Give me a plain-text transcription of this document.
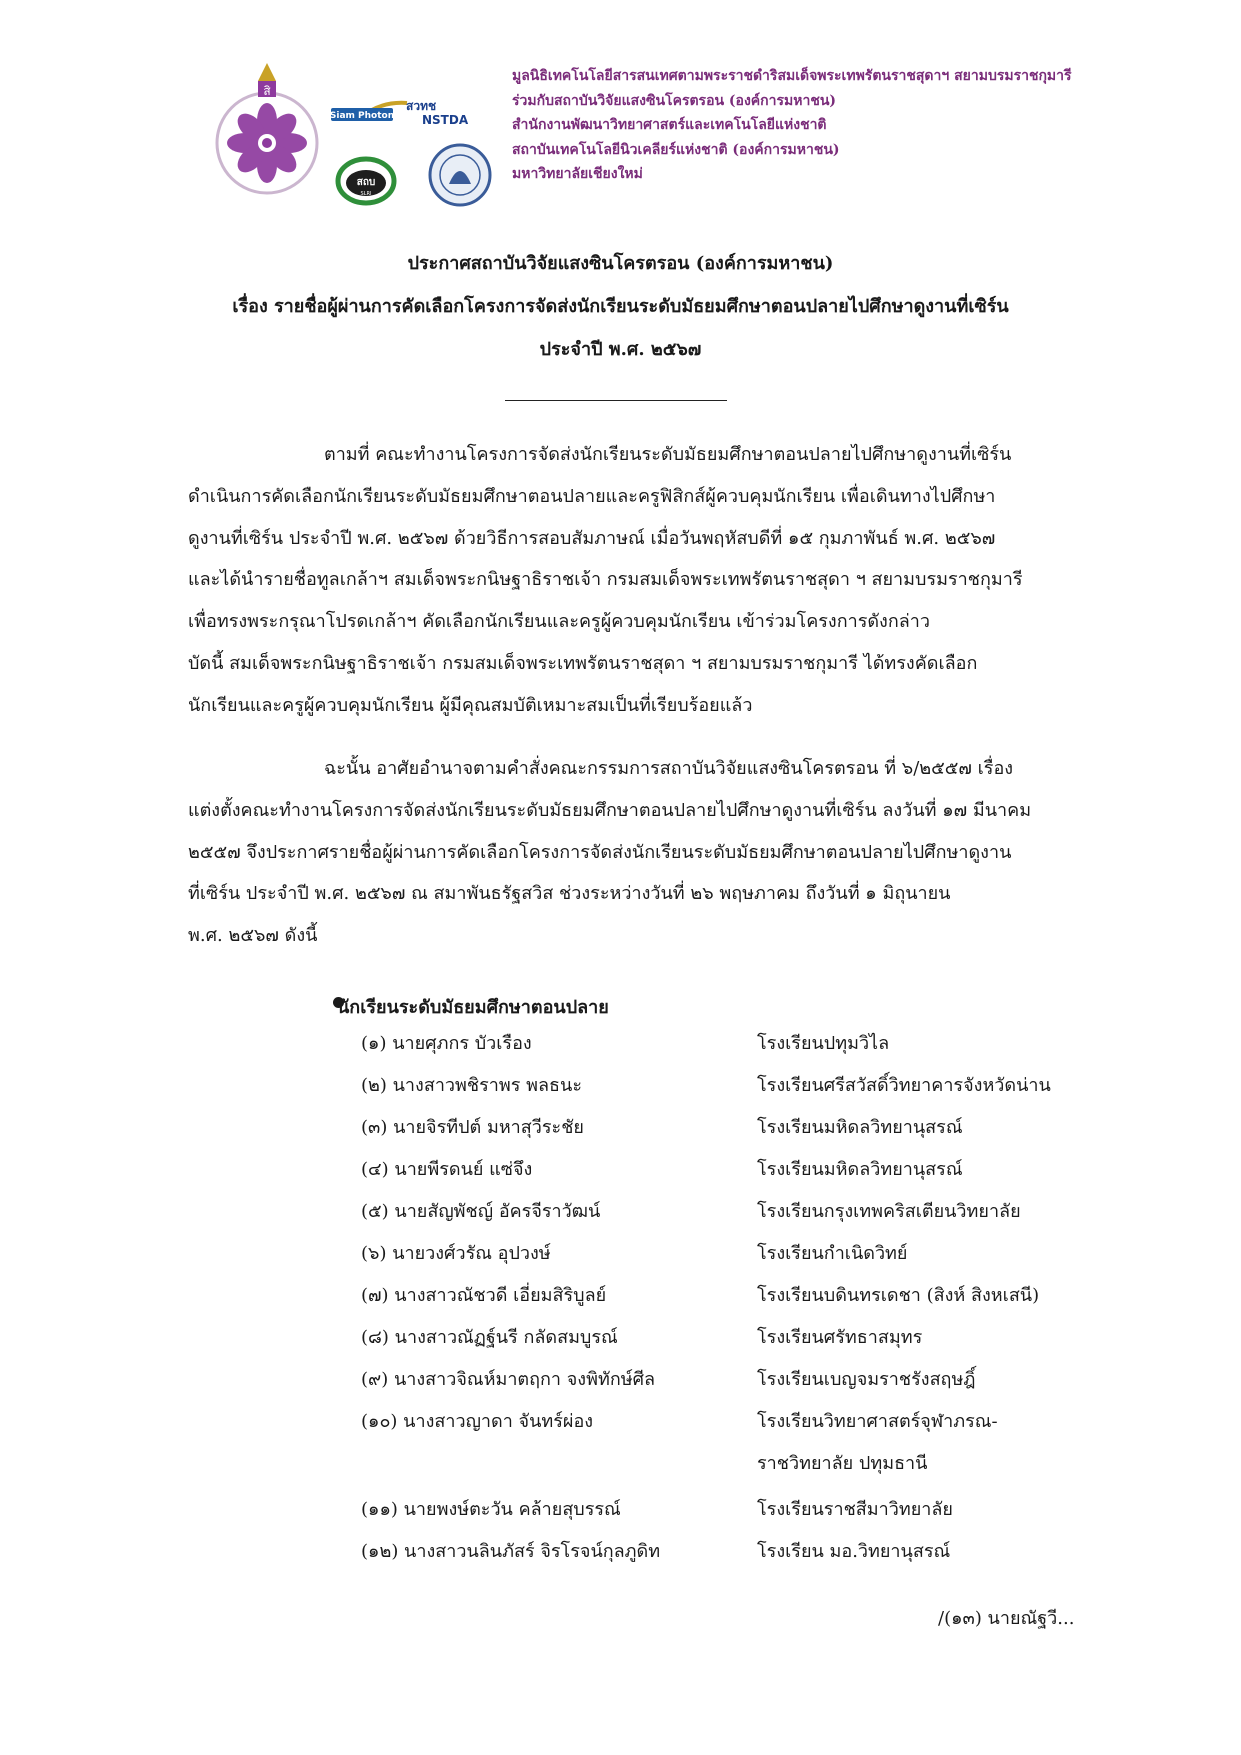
สิ
Siam Photon
สวทช
NSTDA
สถบ
SLRI
มูลนิธิเทคโนโลยีสารสนเทศตามพระราชดำริสมเด็จพระเทพรัตนราชสุดาฯ สยามบรมราชกุมารี
ร่วมกับสถาบันวิจัยแสงซินโครตรอน (องค์การมหาชน)
สำนักงานพัฒนาวิทยาศาสตร์และเทคโนโลยีแห่งชาติ
สถาบันเทคโนโลยีนิวเคลียร์แห่งชาติ (องค์การมหาชน)
มหาวิทยาลัยเชียงใหม่
ประกาศสถาบันวิจัยแสงซินโครตรอน (องค์การมหาชน)
เรื่อง รายชื่อผู้ผ่านการคัดเลือกโครงการจัดส่งนักเรียนระดับมัธยมศึกษาตอนปลายไปศึกษาดูงานที่เซิร์น
ประจำปี พ.ศ. ๒๕๖๗
ตามที่ คณะทำงานโครงการจัดส่งนักเรียนระดับมัธยมศึกษาตอนปลายไปศึกษาดูงานที่เซิร์น
ดำเนินการคัดเลือกนักเรียนระดับมัธยมศึกษาตอนปลายและครูฟิสิกส์ผู้ควบคุมนักเรียน เพื่อเดินทางไปศึกษา
ดูงานที่เซิร์น ประจำปี พ.ศ. ๒๕๖๗ ด้วยวิธีการสอบสัมภาษณ์ เมื่อวันพฤหัสบดีที่ ๑๕ กุมภาพันธ์ พ.ศ. ๒๕๖๗
และได้นำรายชื่อทูลเกล้าฯ สมเด็จพระกนิษฐาธิราชเจ้า กรมสมเด็จพระเทพรัตนราชสุดา ฯ สยามบรมราชกุมารี
เพื่อทรงพระกรุณาโปรดเกล้าฯ คัดเลือกนักเรียนและครูผู้ควบคุมนักเรียน เข้าร่วมโครงการดังกล่าว
บัดนี้ สมเด็จพระกนิษฐาธิราชเจ้า กรมสมเด็จพระเทพรัตนราชสุดา ฯ สยามบรมราชกุมารี ได้ทรงคัดเลือก
นักเรียนและครูผู้ควบคุมนักเรียน ผู้มีคุณสมบัติเหมาะสมเป็นที่เรียบร้อยแล้ว
ฉะนั้น อาศัยอำนาจตามคำสั่งคณะกรรมการสถาบันวิจัยแสงซินโครตรอน ที่ ๖/๒๕๕๗ เรื่อง
แต่งตั้งคณะทำงานโครงการจัดส่งนักเรียนระดับมัธยมศึกษาตอนปลายไปศึกษาดูงานที่เซิร์น ลงวันที่ ๑๗ มีนาคม
๒๕๕๗ จึงประกาศรายชื่อผู้ผ่านการคัดเลือกโครงการจัดส่งนักเรียนระดับมัธยมศึกษาตอนปลายไปศึกษาดูงาน
ที่เซิร์น ประจำปี พ.ศ. ๒๕๖๗ ณ สมาพันธรัฐสวิส ช่วงระหว่างวันที่ ๒๖ พฤษภาคม ถึงวันที่ ๑ มิถุนายน
พ.ศ. ๒๕๖๗ ดังนี้
นักเรียนระดับมัธยมศึกษาตอนปลาย
(๑) นายศุภกร บัวเรือง	โรงเรียนปทุมวิไล
(๒) นางสาวพชิราพร พลธนะ	โรงเรียนศรีสวัสดิ์วิทยาคารจังหวัดน่าน
(๓) นายจิรทีปต์ มหาสุวีระชัย	โรงเรียนมหิดลวิทยานุสรณ์
(๔) นายพีรดนย์ แซ่จึง	โรงเรียนมหิดลวิทยานุสรณ์
(๕) นายสัญพัชญ์ อัครจีราวัฒน์	โรงเรียนกรุงเทพคริสเตียนวิทยาลัย
(๖) นายวงศ์วรัณ อุปวงษ์	โรงเรียนกำเนิดวิทย์
(๗) นางสาวณัชวดี เอี่ยมสิริบูลย์	โรงเรียนบดินทรเดชา (สิงห์ สิงหเสนี)
(๘) นางสาวณัฏฐ์นรี กลัดสมบูรณ์	โรงเรียนศรัทธาสมุทร
(๙) นางสาวจิณห์มาตฤกา จงพิทักษ์ศีล	โรงเรียนเบญจมราชรังสฤษฎิ์
(๑๐) นางสาวญาดา จันทร์ผ่อง	โรงเรียนวิทยาศาสตร์จุฬาภรณ-
ราชวิทยาลัย ปทุมธานี
(๑๑) นายพงษ์ตะวัน คล้ายสุบรรณ์	โรงเรียนราชสีมาวิทยาลัย
(๑๒) นางสาวนลินภัสร์ จิรโรจน์กุลภูดิท	โรงเรียน มอ.วิทยานุสรณ์
/(๑๓) นายณัฐวี...
